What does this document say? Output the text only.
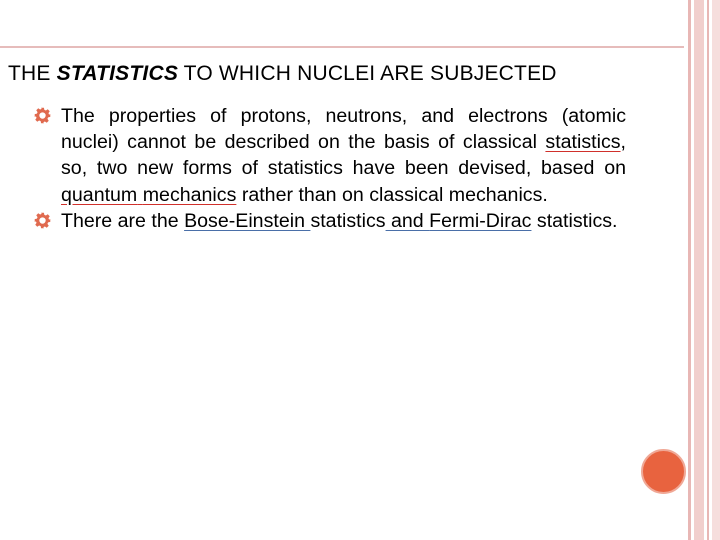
THE STATISTICS TO WHICH NUCLEI ARE SUBJECTED
The properties of protons, neutrons, and electrons (atomic nuclei) cannot be described on the basis of classical statistics, so, two new forms of statistics have been devised, based on quantum mechanics rather than on classical mechanics.
There are the Bose-Einstein statistics and Fermi-Dirac statistics.
